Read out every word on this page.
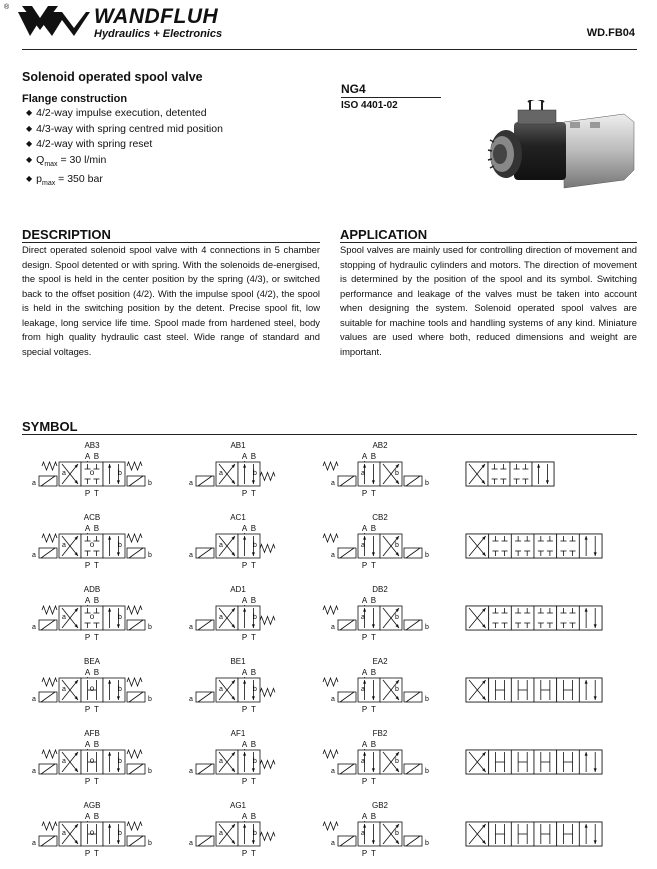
®	WANDFLUH
Hydraulics + Electronics	WD.FB04
Solenoid operated spool valve
Flange construction
◆ 4/2-way impulse execution, detented
◆ 4/3-way with spring centred mid position
◆ 4/2-way with spring reset
◆ $Q_{max} = 30$ l/min
◆ $p_{max} = 350$ bar
NG4
ISO 4401-02
DESCRIPTION

Direct operated solenoid spool valve with 4 connections in 5 chamber design. Spool detented or with spring. With the solenoids de-energised, the spool is held in the center position by the spring (4/3), or switched back to the offset position (4/2). With the impulse spool (4/2), the spool is held in the switching position by the detent. Precise spool fit, low leakage, long service life time. Spool made from hardened steel, body from high quality hydraulic cast steel. Wide range of standard and special voltages.

APPLICATION

Spool valves are mainly used for controlling direction of movement and stopping of hydraulic cylinders and motors. The direction of movement is determined by the position of the spool and its symbol. Switching performance and leakage of the valves must be taken into account when designing the system. Solenoid operated spool valves are suitable for machine tools and handling systems of any kind. Miniature values are used where both, reduced dimensions and weight are important.

SYMBOL
AB3
A B
P T
o
a	b
a	b
AB1
A B
P T
a
a	b
AB2
A B
P T
a	b
a	b
ACB
A B
P T
o
a	b
a	b
AC1
A B
P T
a
a	b
CB2
A B
P T
a	b
a	b
ADB
A B
P T
o
a	b
a	b
AD1
A B
P T
a
a	b
DB2
A B
P T
a	b
a	b
BEA
A B
P T
o
a	b
a	b
BE1
A B
P T
a
a	b
EA2
A B
P T
a	b
a	b
AFB
A B
P T
o
a	b
a	b
AF1
A B
P T
a
a	b
FB2
A B
P T
a	b
a	b
AGB
A B
P T
o
a	b
a	b
AG1
A B
P T
a
a	b
GB2
A B
P T
a	b
a	b
